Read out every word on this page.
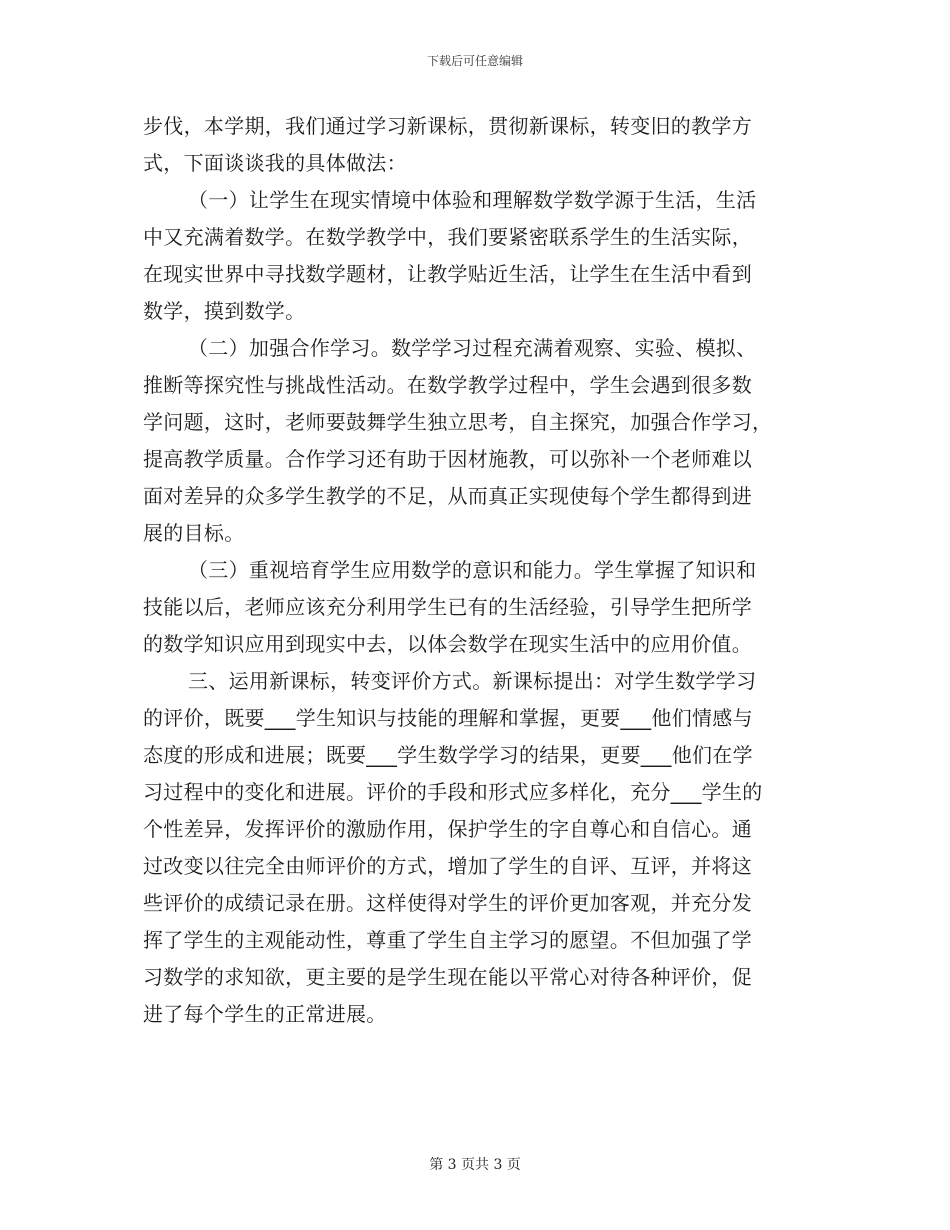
下载后可任意编辑
步伐，本学期，我们通过学习新课标，贯彻新课标，转变旧的教学方
式，下面谈谈我的具体做法：
（一）让学生在现实情境中体验和理解数学数学源于生活，生活
中又充满着数学。在数学教学中，我们要紧密联系学生的生活实际，
在现实世界中寻找数学题材，让教学贴近生活，让学生在生活中看到
数学，摸到数学。
（二）加强合作学习。数学学习过程充满着观察、实验、模拟、
推断等探究性与挑战性活动。在数学教学过程中，学生会遇到很多数
学问题，这时，老师要鼓舞学生独立思考，自主探究，加强合作学习，
提高教学质量。合作学习还有助于因材施教，可以弥补一个老师难以
面对差异的众多学生教学的不足，从而真正实现使每个学生都得到进
展的目标。
（三）重视培育学生应用数学的意识和能力。学生掌握了知识和
技能以后，老师应该充分利用学生已有的生活经验，引导学生把所学
的数学知识应用到现实中去，以体会数学在现实生活中的应用价值。
三、运用新课标，转变评价方式。新课标提出：对学生数学学习
的评价，既要___学生知识与技能的理解和掌握，更要___他们情感与
态度的形成和进展；既要___学生数学学习的结果，更要___他们在学
习过程中的变化和进展。评价的手段和形式应多样化，充分___学生的
个性差异，发挥评价的激励作用，保护学生的字自尊心和自信心。通
过改变以往完全由师评价的方式，增加了学生的自评、互评，并将这
些评价的成绩记录在册。这样使得对学生的评价更加客观，并充分发
挥了学生的主观能动性，尊重了学生自主学习的愿望。不但加强了学
习数学的求知欲，更主要的是学生现在能以平常心对待各种评价，促
进了每个学生的正常进展。
第 3 页共 3 页
